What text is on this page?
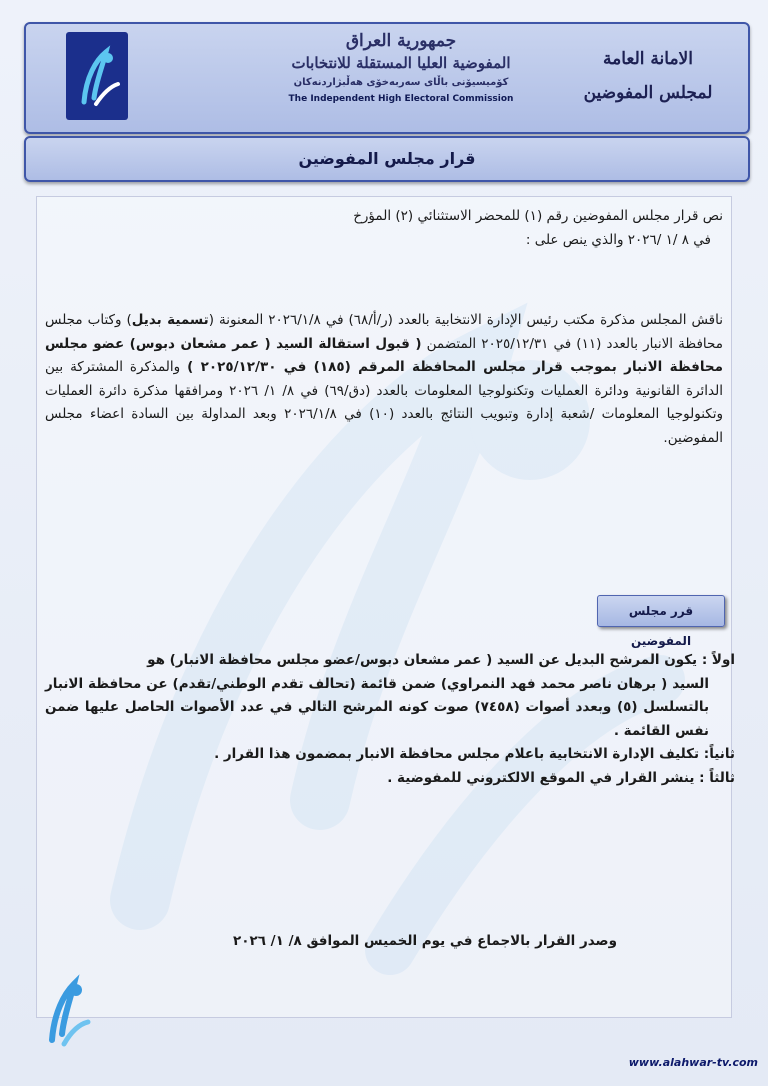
جمهورية العراق
المفوضية العليا المستقلة للانتخابات
کۆمیسیۆنی باڵای سەربەخۆی هەڵبژاردنەکان
The Independent High Electoral Commission
الامانة العامة
لمجلس المفوضين
قرار مجلس المفوضين
نص قرار مجلس المفوضين رقم (١) للمحضر الاستثنائي (٢) المؤرخ
في ٨ /١ /٢٠٢٦ والذي ينص على :
ناقش المجلس مذكرة مكتب رئيس الإدارة الانتخابية بالعدد (ر/أ/٦٨) في ٢٠٢٦/١/٨ المعنونة (تسمية بديل) وكتاب مجلس محافظة الانبار بالعدد (١١) في ٢٠٢٥/١٢/٣١ المتضمن ( قبول استقالة السيد ( عمر مشعان دبوس) عضو مجلس محافظة الانبار بموجب قرار مجلس المحافظة المرقم (١٨٥) في ٢٠٢٥/١٢/٣٠ ) والمذكرة المشتركة بين الدائرة القانونية ودائرة العمليات وتكنولوجيا المعلومات بالعدد (دق/٦٩) في ٨/ ١/ ٢٠٢٦ ومرافقها مذكرة دائرة العمليات وتكنولوجيا المعلومات /شعبة إدارة وتبويب النتائج بالعدد (١٠) في ٢٠٢٦/١/٨ وبعد المداولة بين السادة اعضاء مجلس المفوضين.
قرر مجلس المفوضين
اولاً : يكون المرشح البديل عن السيد ( عمر مشعان دبوس/عضو مجلس محافظة الانبار) هو
السيد ( برهان ناصر محمد فهد النمراوي) ضمن قائمة (تحالف تقدم الوطني/تقدم) عن محافظة الانبار بالتسلسل (٥) وبعدد أصوات (٧٤٥٨) صوت كونه المرشح التالي في عدد الأصوات الحاصل عليها ضمن نفس القائمة .
ثانياً: تكليف الإدارة الانتخابية باعلام مجلس محافظة الانبار بمضمون هذا القرار .
ثالثاً : ينشر القرار في الموقع الالكتروني للمفوضية .
وصدر القرار بالاجماع في يوم الخميس الموافق ٨/ ١/ ٢٠٢٦
www.alahwar-tv.com
